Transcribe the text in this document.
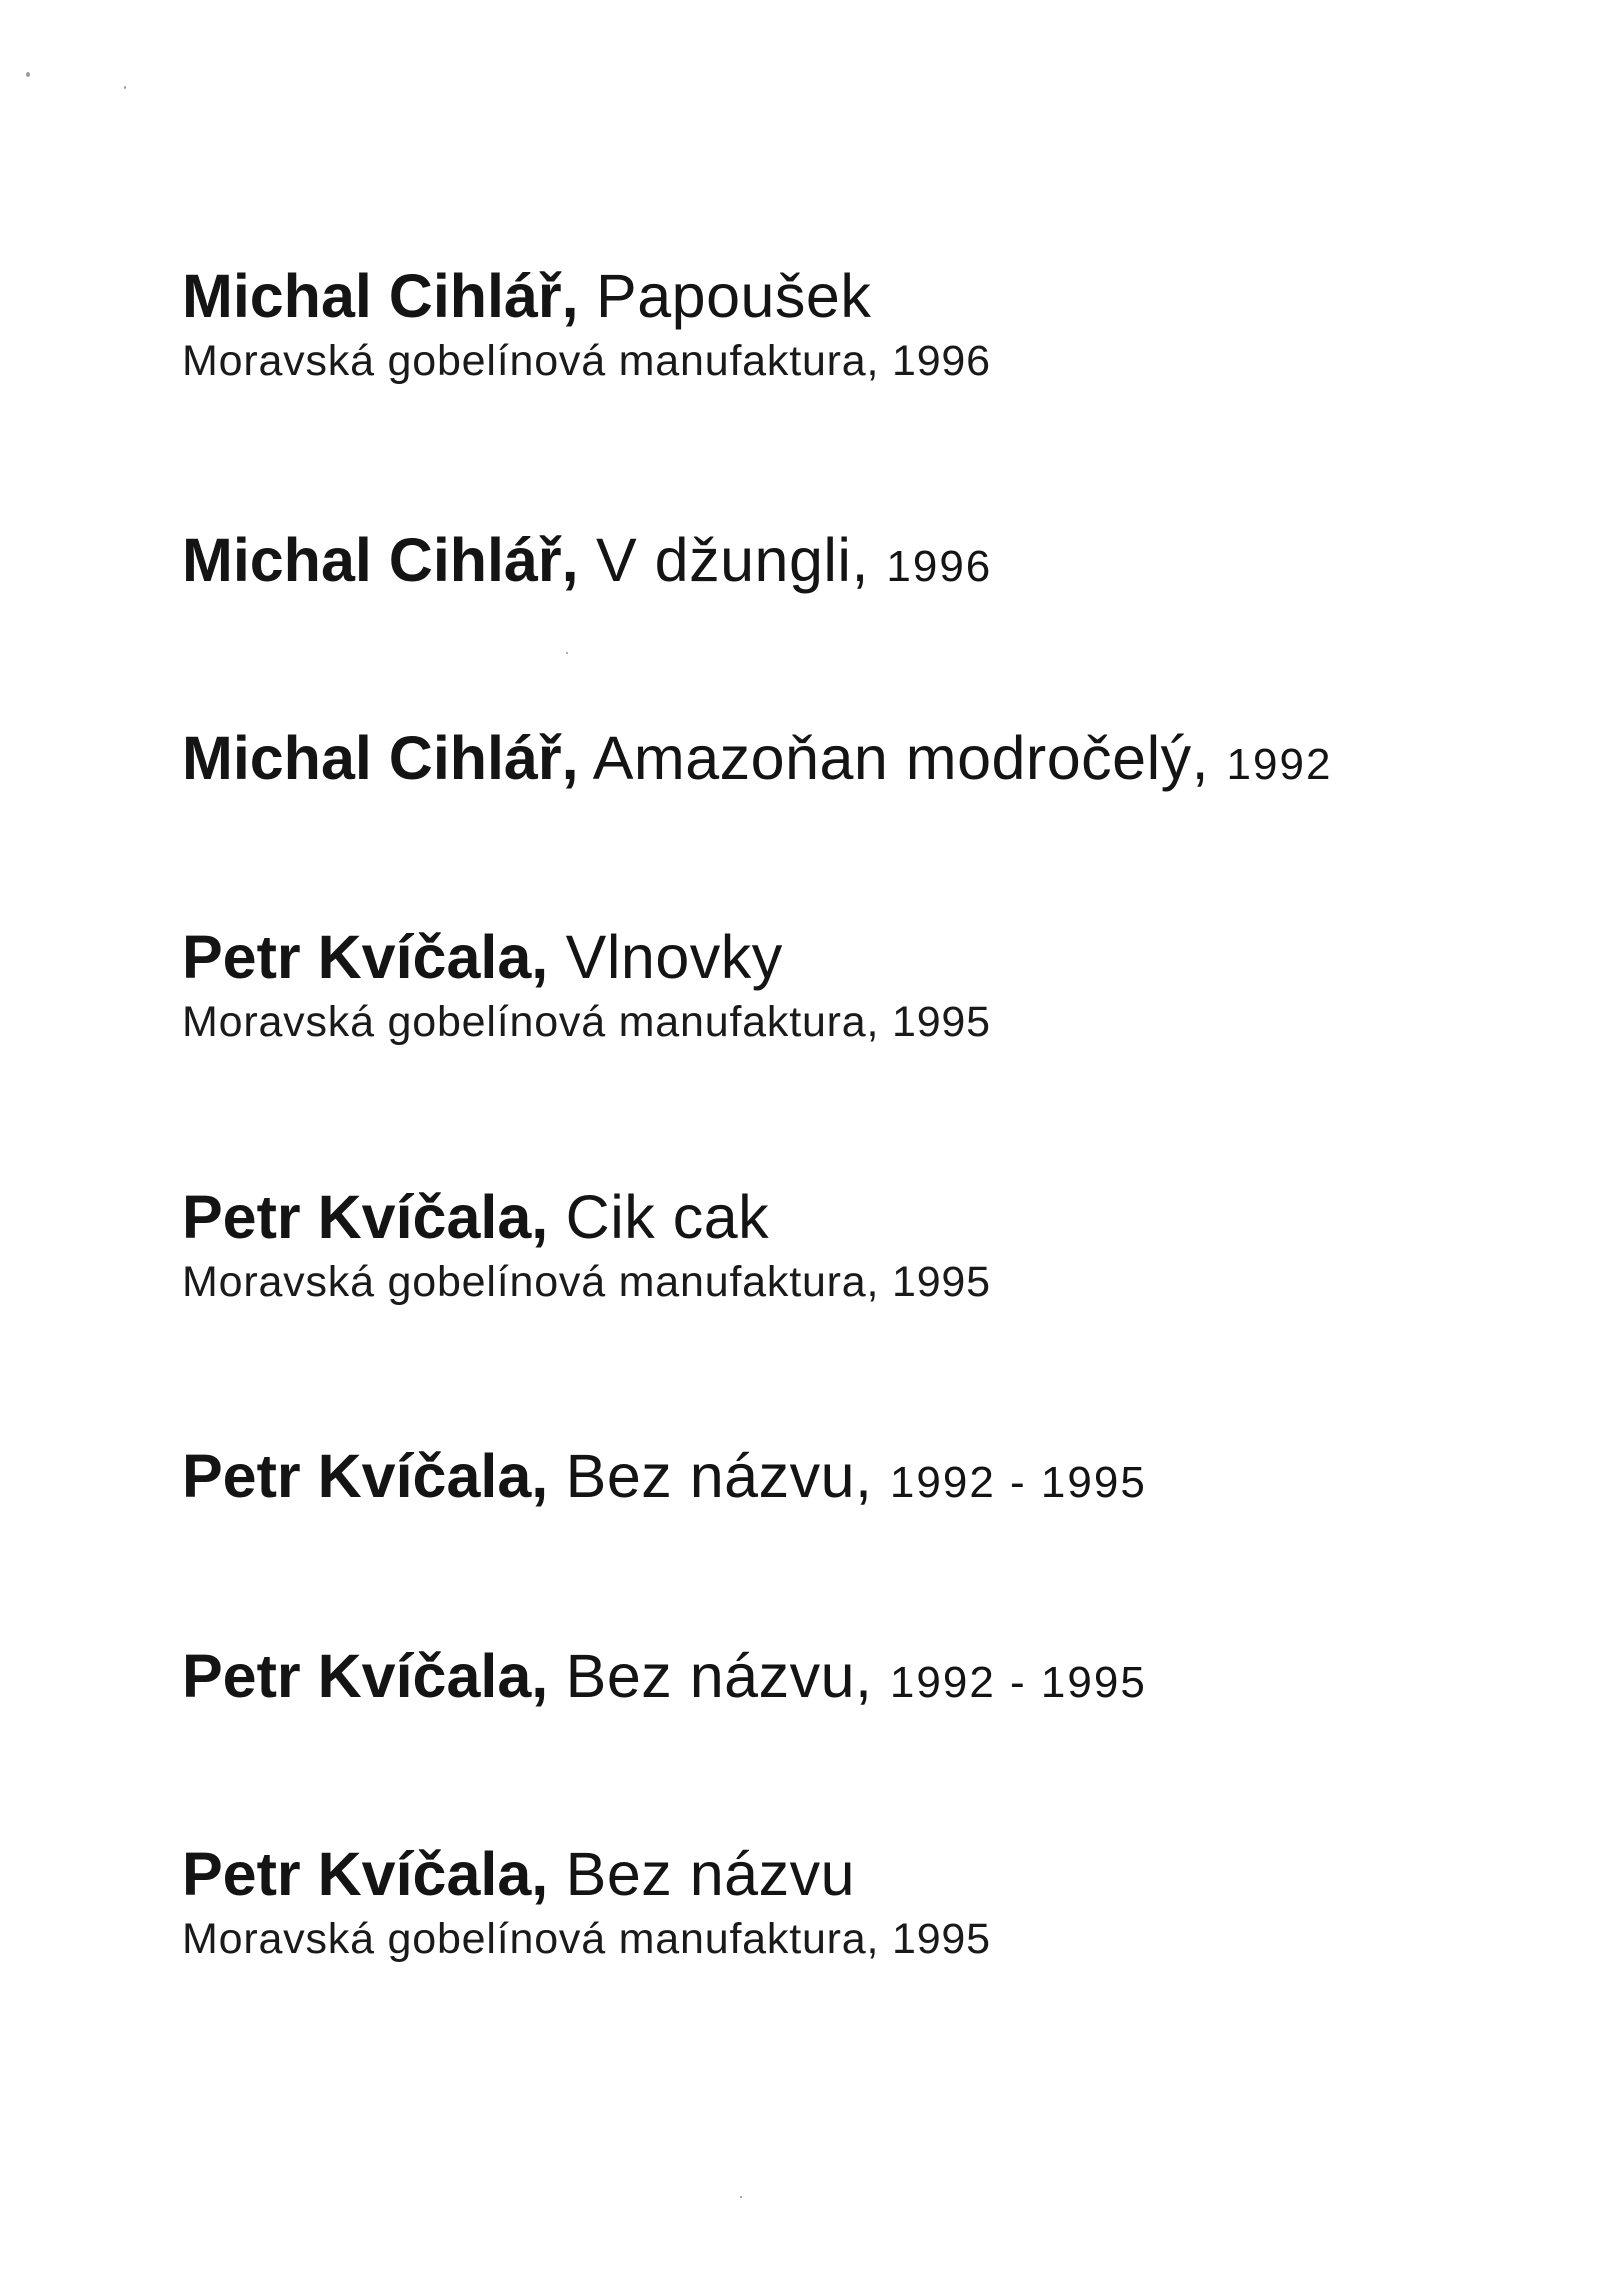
Michal Cihlář, Papoušek
Moravská gobelínová manufaktura, 1996
Michal Cihlář, V džungli, 1996
Michal Cihlář, Amazoňan modročelý, 1992
Petr Kvíčala, Vlnovky
Moravská gobelínová manufaktura, 1995
Petr Kvíčala, Cik cak
Moravská gobelínová manufaktura, 1995
Petr Kvíčala, Bez názvu, 1992 - 1995
Petr Kvíčala, Bez názvu, 1992 - 1995
Petr Kvíčala, Bez názvu
Moravská gobelínová manufaktura, 1995
